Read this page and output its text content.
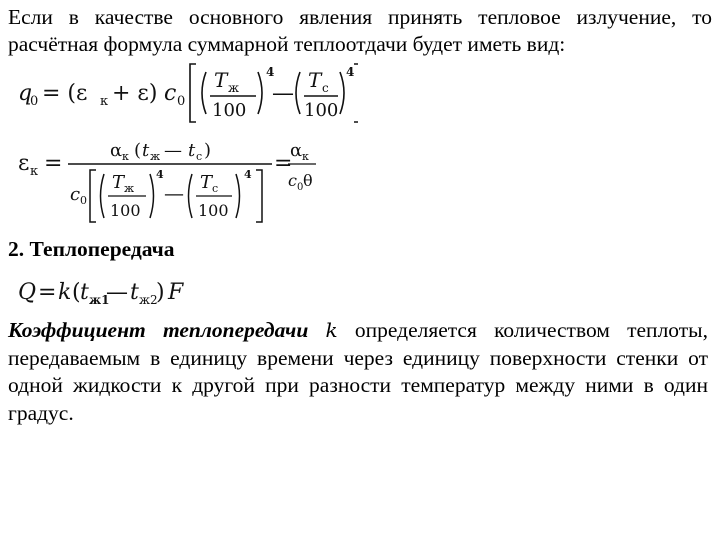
Если в качестве основного явления принять тепловое излучение, то расчётная формула суммарной теплоотдачи будет иметь вид:
q
0 = (ε к + ε) c 0
T ж
100
4
—
T с
100
4
ε к =
α к ( t ж — t с )
c 0
T ж
100
4
— T с
100
4 =
α к
c 0 θ
2. Теплопередача
Q = k ( t ж1
— t ж2
) F
Коэффициент теплопередачи k определяется количеством теплоты, передаваемым в единицу времени через единицу поверхности стенки от одной жидкости к другой при разности температур между ними в один градус.
